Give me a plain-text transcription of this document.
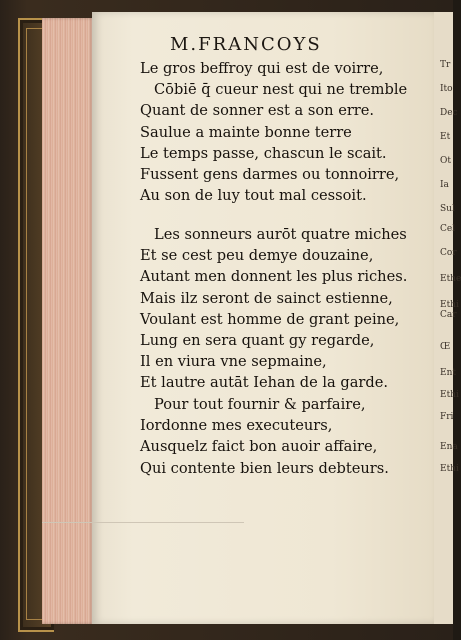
Tr
Ito
Dec
Et
Ot
Ia
Sul
Cel
Cor
Ethe
Ethi
Car
Œ
Ent
Ethi
Fri
Ena
Ethi
M.FRANCOYS
Le gros beffroy qui est de voirre,
Cōbiē q̄ cueur nest qui ne tremble
Quant de sonner est a son erre.
Saulue a mainte bonne terre
Le temps passe, chascun le scait.
Fussent gens darmes ou tonnoirre,
Au son de luy tout mal cessoit.
Les sonneurs aurōt quatre miches
Et se cest peu demye douzaine,
Autant men donnent les plus riches.
Mais ilz seront de sainct estienne,
Voulant est homme de grant peine,
Lung en sera quant gy regarde,
Il en viura vne sepmaine,
Et lautre autāt Iehan de la garde.
Pour tout fournir & parfaire,
Iordonne mes executeurs,
Ausquelz faict bon auoir affaire,
Qui contente bien leurs debteurs.
